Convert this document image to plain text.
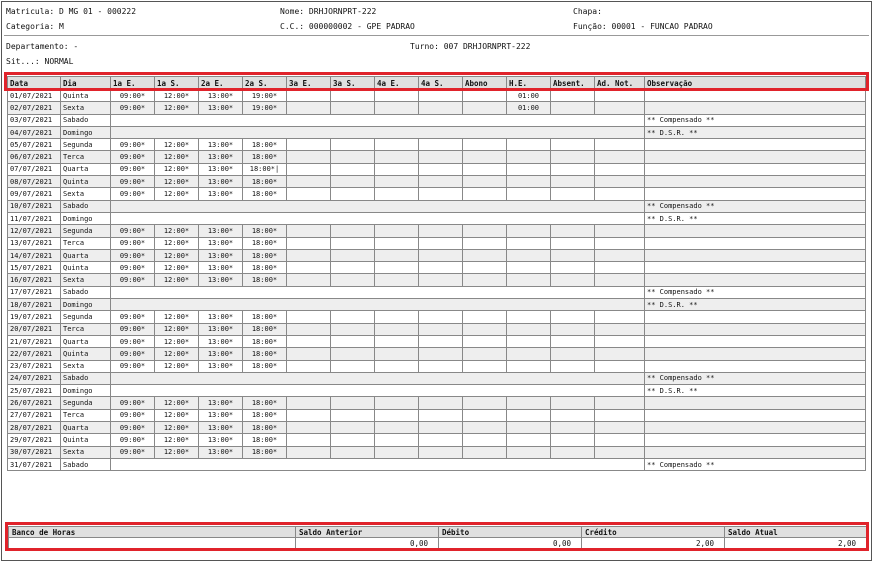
Matricula: D MG 01 - 000222	Nome: DRHJORNPRT-222	Chapa:
Categoria: M	C.C.: 000000002 - GPE PADRAO	Função: 00001 - FUNCAO PADRAO
Departamento: -	Turno: 007 DRHJORNPRT-222
Sit...: NORMAL
Data	Dia	1a E.	1a S.	2a E.	2a S.	3a E.	3a S.	4a E.	4a S.	Abono	H.E.	Absent.	Ad. Not.	Observação
01/07/2021	Quinta	09:00*	12:00*	13:00*	19:00*						01:00			
02/07/2021	Sexta	09:00*	12:00*	13:00*	19:00*						01:00			
03/07/2021	Sabado													** Compensado **
04/07/2021	Domingo													** D.S.R. **
05/07/2021	Segunda	09:00*	12:00*	13:00*	18:00*									
06/07/2021	Terca	09:00*	12:00*	13:00*	18:00*									
07/07/2021	Quarta	09:00*	12:00*	13:00*	18:00*|									
08/07/2021	Quinta	09:00*	12:00*	13:00*	18:00*									
09/07/2021	Sexta	09:00*	12:00*	13:00*	18:00*									
10/07/2021	Sabado													** Compensado **
11/07/2021	Domingo													** D.S.R. **
12/07/2021	Segunda	09:00*	12:00*	13:00*	18:00*									
13/07/2021	Terca	09:00*	12:00*	13:00*	18:00*									
14/07/2021	Quarta	09:00*	12:00*	13:00*	18:00*									
15/07/2021	Quinta	09:00*	12:00*	13:00*	18:00*									
16/07/2021	Sexta	09:00*	12:00*	13:00*	18:00*									
17/07/2021	Sabado													** Compensado **
18/07/2021	Domingo													** D.S.R. **
19/07/2021	Segunda	09:00*	12:00*	13:00*	18:00*									
20/07/2021	Terca	09:00*	12:00*	13:00*	18:00*									
21/07/2021	Quarta	09:00*	12:00*	13:00*	18:00*									
22/07/2021	Quinta	09:00*	12:00*	13:00*	18:00*									
23/07/2021	Sexta	09:00*	12:00*	13:00*	18:00*									
24/07/2021	Sabado													** Compensado **
25/07/2021	Domingo													** D.S.R. **
26/07/2021	Segunda	09:00*	12:00*	13:00*	18:00*									
27/07/2021	Terca	09:00*	12:00*	13:00*	18:00*									
28/07/2021	Quarta	09:00*	12:00*	13:00*	18:00*									
29/07/2021	Quinta	09:00*	12:00*	13:00*	18:00*									
30/07/2021	Sexta	09:00*	12:00*	13:00*	18:00*									
31/07/2021	Sabado													** Compensado **
Banco de Horas	Saldo Anterior	Débito	Crédito	Saldo Atual
	0,00	0,00	2,00	2,00
